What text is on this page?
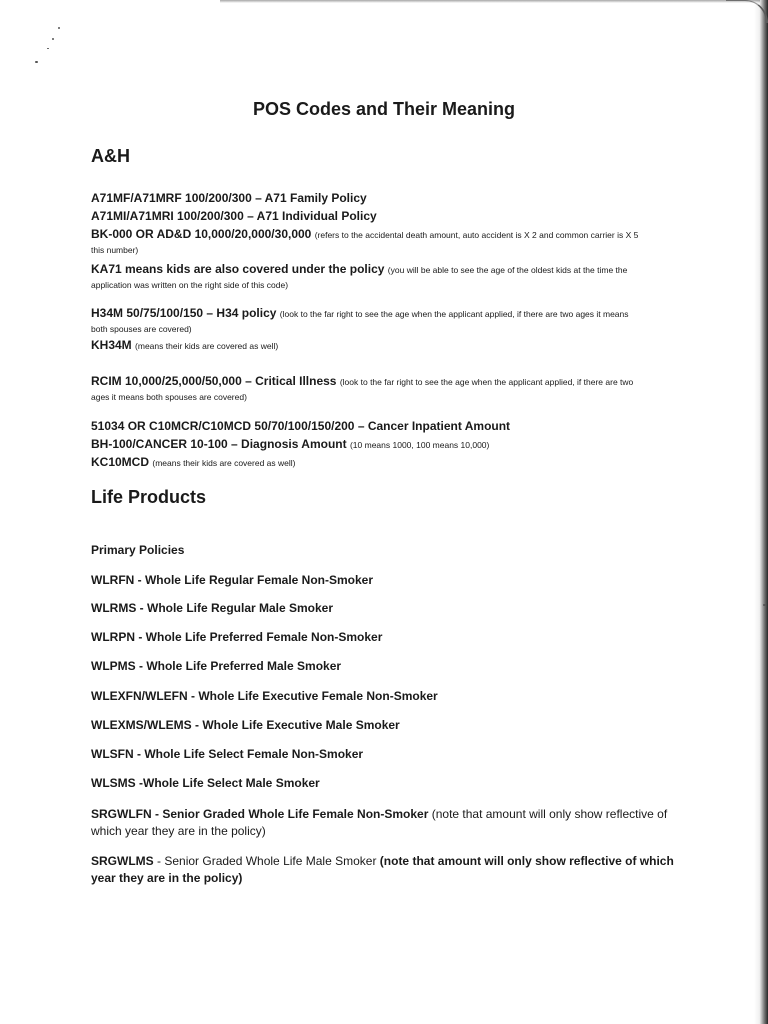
POS Codes and Their Meaning
A&H
A71MF/A71MRF 100/200/300 – A71 Family Policy
A71MI/A71MRI 100/200/300 – A71 Individual Policy
BK-000 OR AD&D 10,000/20,000/30,000 (refers to the accidental death amount, auto accident is X 2 and common carrier is X 5
this number)
KA71 means kids are also covered under the policy (you will be able to see the age of the oldest kids at the time the
application was written on the right side of this code)
H34M 50/75/100/150 – H34 policy (look to the far right to see the age when the applicant applied, if there are two ages it means
both spouses are covered)
KH34M (means their kids are covered as well)
RCIM 10,000/25,000/50,000 – Critical Illness (look to the far right to see the age when the applicant applied, if there are two
ages it means both spouses are covered)
51034 OR C10MCR/C10MCD 50/70/100/150/200 – Cancer Inpatient Amount
BH-100/CANCER 10-100 – Diagnosis Amount (10 means 1000, 100 means 10,000)
KC10MCD (means their kids are covered as well)
Life Products
Primary Policies
WLRFN - Whole Life Regular Female Non-Smoker
WLRMS - Whole Life Regular Male Smoker
WLRPN - Whole Life Preferred Female Non-Smoker
WLPMS - Whole Life Preferred Male Smoker
WLEXFN/WLEFN - Whole Life Executive Female Non-Smoker
WLEXMS/WLEMS - Whole Life Executive Male Smoker
WLSFN - Whole Life Select Female Non-Smoker
WLSMS -Whole Life Select Male Smoker
SRGWLFN - Senior Graded Whole Life Female Non-Smoker (note that amount will only show reflective of which year they are in the policy)
SRGWLMS - Senior Graded Whole Life Male Smoker (note that amount will only show reflective of which year they are in the policy)
